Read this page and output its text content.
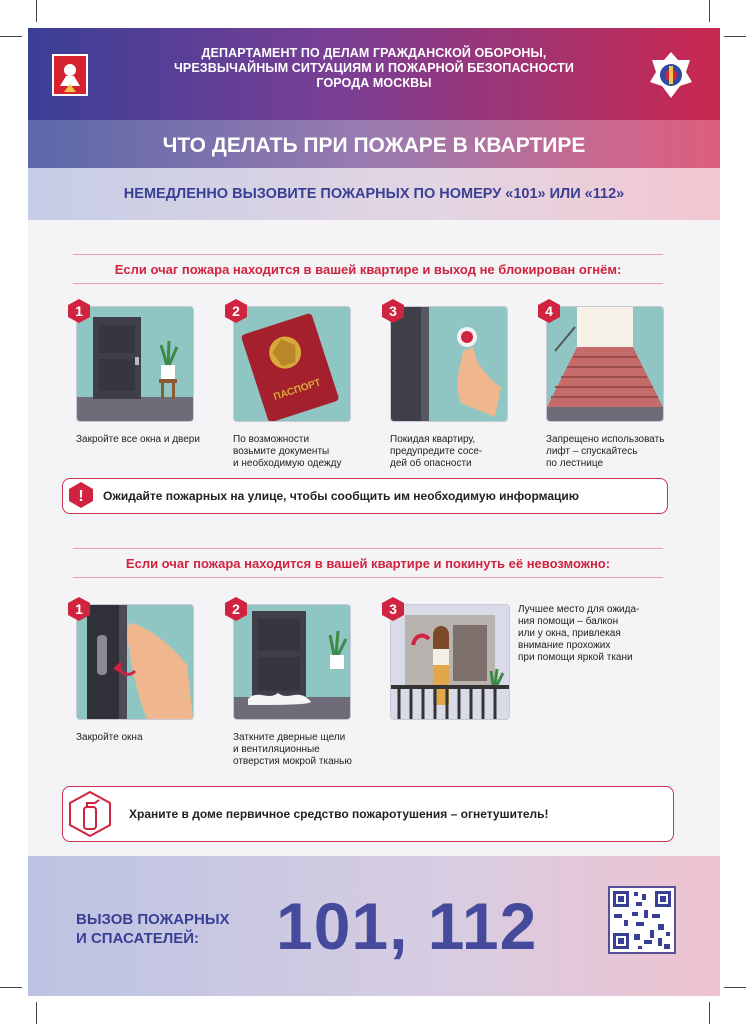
ДЕПАРТАМЕНТ ПО ДЕЛАМ ГРАЖДАНСКОЙ ОБОРОНЫ,
ЧРЕЗВЫЧАЙНЫМ СИТУАЦИЯМ И ПОЖАРНОЙ БЕЗОПАСНОСТИ
ГОРОДА МОСКВЫ
ЧТО ДЕЛАТЬ ПРИ ПОЖАРЕ В КВАРТИРЕ
НЕМЕДЛЕННО ВЫЗОВИТЕ ПОЖАРНЫХ ПО НОМЕРУ «101» ИЛИ «112»
Если очаг пожара находится в вашей квартире и выход не блокирован огнём:
1
Закройте все окна и двери
ПАСПОРТ
2
По возможности
возьмите документы
и необходимую одежду
3
Покидая квартиру,
предупредите сосе-
дей об опасности
4
Запрещено использовать
лифт – спускайтесь
по лестнице
! Ожидайте пожарных на улице, чтобы сообщить им необходимую информацию
Если очаг пожара находится в вашей квартире и покинуть её невозможно:
1
Закройте окна
2
Заткните дверные щели
и вентиляционные
отверстия мокрой тканью
3	Лучшее место для ожида-
ния помощи – балкон
или у окна, привлекая
внимание прохожих
при помощи яркой ткани
Храните в доме первичное средство пожаротушения – огнетушитель!
ВЫЗОВ ПОЖАРНЫХ
И СПАСАТЕЛЕЙ:	101, 112
